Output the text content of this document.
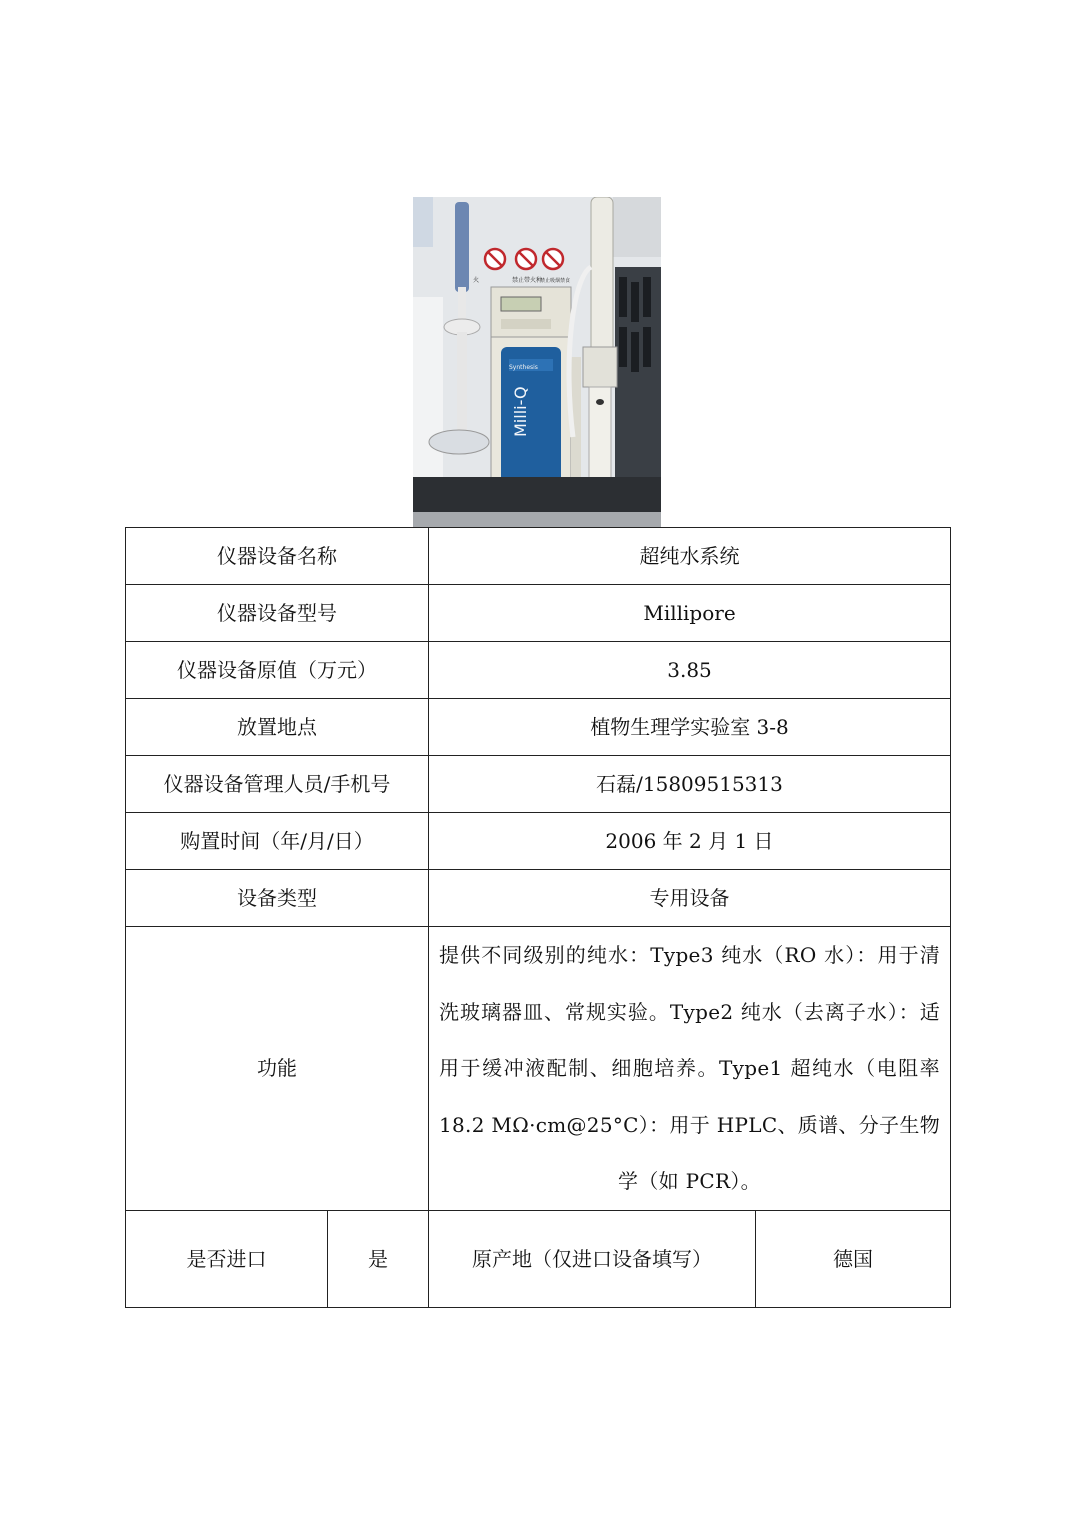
火	禁止带火种
禁止吸烟禁食
Milli-Q
Synthesis
仪器设备名称		超纯水系统	
仪器设备型号		Millipore	
仪器设备原值（万元）		3.85	
放置地点		植物生理学实验室 3-8	
仪器设备管理人员/手机号		石磊/15809515313	
购置时间（年/月/日）		2006 年 2 月 1 日	
设备类型		专用设备	
功能		提供不同级别的纯水：Type3 纯水（RO 水）：用于清洗玻璃器皿、常规实验。Type2 纯水（去离子水）：适用于缓冲液配制、细胞培养。Type1 超纯水（电阻率 18.2 MΩ·cm@25°C）：用于 HPLC、质谱、分子生物学（如 PCR）。	

是否进口	是	原产地（仅进口设备填写）	德国
